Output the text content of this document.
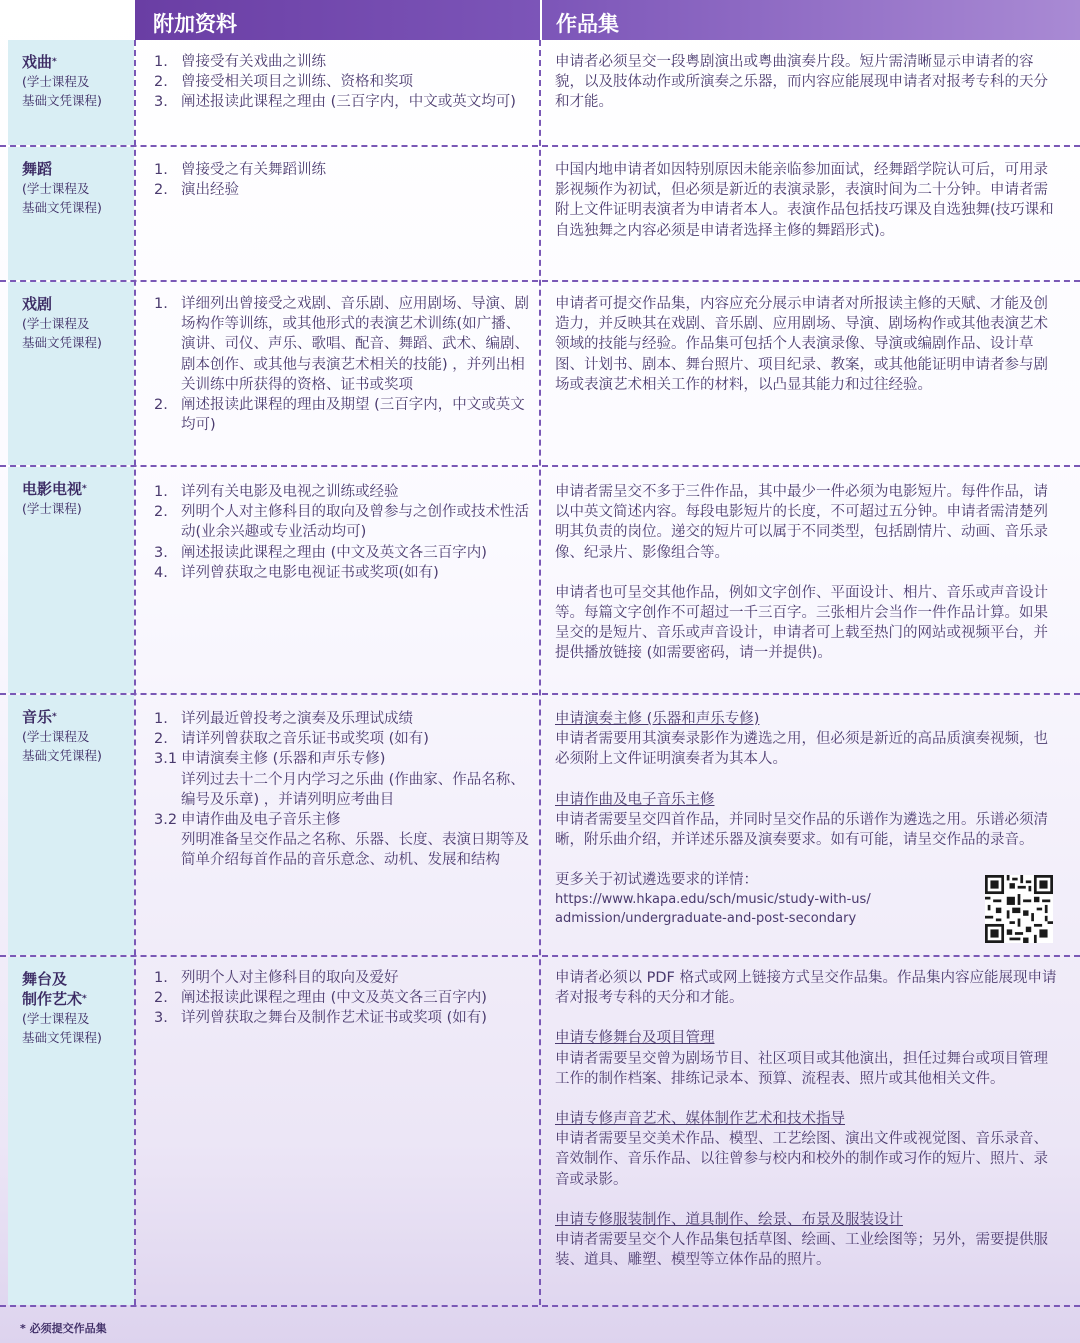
附加资料	作品集
戏曲*
(学士课程及
基础文凭课程)
1. 曾接受有关戏曲之训练
2. 曾接受相关项目之训练、资格和奖项
3. 阐述报读此课程之理由 (三百字内，中文或英文均可)
申请者必须呈交一段粤剧演出或粤曲演奏片段。短片需清晰显示申请者的容貌，以及肢体动作或所演奏之乐器，而内容应能展现申请者对报考专科的天分和才能。
舞蹈
(学士课程及
基础文凭课程)
1. 曾接受之有关舞蹈训练
2. 演出经验
中国内地申请者如因特别原因未能亲临参加面试，经舞蹈学院认可后，可用录影视频作为初试，但必须是新近的表演录影，表演时间为二十分钟。申请者需附上文件证明表演者为申请者本人。表演作品包括技巧课及自选独舞(技巧课和自选独舞之内容必须是申请者选择主修的舞蹈形式)。
戏剧
(学士课程及
基础文凭课程)
1. 详细列出曾接受之戏剧、音乐剧、应用剧场、导演、剧场构作等训练，或其他形式的表演艺术训练(如广播、演讲、司仪、声乐、歌唱、配音、舞蹈、武术、编剧、剧本创作、或其他与表演艺术相关的技能) ，并列出相关训练中所获得的资格、证书或奖项
2. 阐述报读此课程的理由及期望 (三百字内，中文或英文均可)
申请者可提交作品集，内容应充分展示申请者对所报读主修的天赋、才能及创造力，并反映其在戏剧、音乐剧、应用剧场、导演、剧场构作或其他表演艺术领域的技能与经验。作品集可包括个人表演录像、导演或编剧作品、设计草图、计划书、剧本、舞台照片、项目纪录、教案，或其他能证明申请者参与剧场或表演艺术相关工作的材料，以凸显其能力和过往经验。
电影电视*
(学士课程)
1. 详列有关电影及电视之训练或经验
2. 列明个人对主修科目的取向及曾参与之创作或技术性活动(业余兴趣或专业活动均可)
3. 阐述报读此课程之理由 (中文及英文各三百字内)
4. 详列曾获取之电影电视证书或奖项(如有)
申请者需呈交不多于三件作品，其中最少一件必须为电影短片。每件作品，请以中英文简述内容。每段电影短片的长度，不可超过五分钟。申请者需清楚列明其负责的岗位。递交的短片可以属于不同类型，包括剧情片、动画、音乐录像、纪录片、影像组合等。
申请者也可呈交其他作品，例如文字创作、平面设计、相片、音乐或声音设计等。每篇文字创作不可超过一千三百字。三张相片会当作一件作品计算。如果呈交的是短片、音乐或声音设计，申请者可上载至热门的网站或视频平台，并提供播放链接 (如需要密码，请一并提供)。
音乐*
(学士课程及
基础文凭课程)
1. 详列最近曾投考之演奏及乐理试成绩
2. 请详列曾获取之音乐证书或奖项 (如有)
3.1 申请演奏主修 (乐器和声乐专修)
详列过去十二个月内学习之乐曲 (作曲家、作品名称、编号及乐章) ，并请列明应考曲目
3.2 申请作曲及电子音乐主修
列明准备呈交作品之名称、乐器、长度、表演日期等及简单介绍每首作品的音乐意念、动机、发展和结构
申请演奏主修 (乐器和声乐专修)
申请者需要用其演奏录影作为遴选之用，但必须是新近的高品质演奏视频，也必须附上文件证明演奏者为其本人。
申请作曲及电子音乐主修
申请者需要呈交四首作品，并同时呈交作品的乐谱作为遴选之用。乐谱必须清晰，附乐曲介绍，并详述乐器及演奏要求。如有可能，请呈交作品的录音。
更多关于初试遴选要求的详情：
https://www.hkapa.edu/sch/music/study-with-us/
admission/undergraduate-and-post-secondary
舞台及
制作艺术*
(学士课程及
基础文凭课程)
1. 列明个人对主修科目的取向及爱好
2. 阐述报读此课程之理由 (中文及英文各三百字内)
3. 详列曾获取之舞台及制作艺术证书或奖项 (如有)
申请者必须以 PDF 格式或网上链接方式呈交作品集。作品集内容应能展现申请者对报考专科的天分和才能。
申请专修舞台及项目管理
申请者需要呈交曾为剧场节目、社区项目或其他演出，担任过舞台或项目管理工作的制作档案、排练记录本、预算、流程表、照片或其他相关文件。
申请专修声音艺术、媒体制作艺术和技术指导
申请者需要呈交美术作品、模型、工艺绘图、演出文件或视觉图、音乐录音、音效制作、音乐作品、以往曾参与校内和校外的制作或习作的短片、照片、录音或录影。
申请专修服装制作、道具制作、绘景、布景及服装设计
申请者需要呈交个人作品集包括草图、绘画、工业绘图等；另外，需要提供服装、道具、雕塑、模型等立体作品的照片。
* 必须提交作品集
